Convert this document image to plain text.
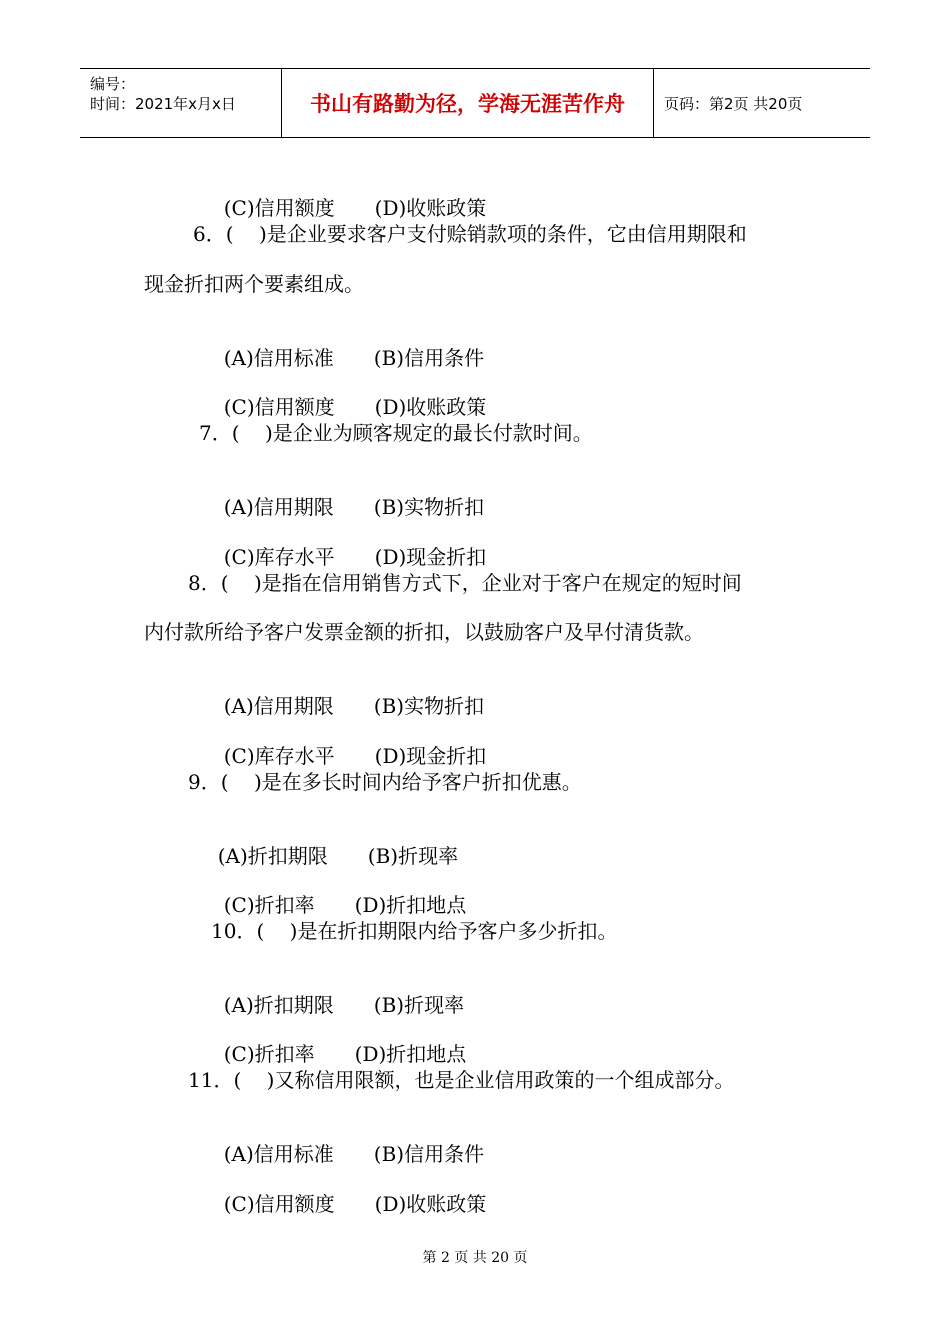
编号：
时间：2021年x月x日	书山有路勤为径，学海无涯苦作舟	页码：第2页 共20页

(C)信用额度 (D)收账政策

6．(    )是企业要求客户支付赊销款项的条件，它由信用期限和
现金折扣两个要素组成。

(A)信用标准 (B)信用条件

(C)信用额度 (D)收账政策

7．(    )是企业为顾客规定的最长付款时间。

(A)信用期限 (B)实物折扣

(C)库存水平 (D)现金折扣

8．(    )是指在信用销售方式下，企业对于客户在规定的短时间
内付款所给予客户发票金额的折扣，以鼓励客户及早付清货款。

(A)信用期限 (B)实物折扣

(C)库存水平 (D)现金折扣

9．(    )是在多长时间内给予客户折扣优惠。

(A)折扣期限 (B)折现率

(C)折扣率 (D)折扣地点

10．(    )是在折扣期限内给予客户多少折扣。

(A)折扣期限 (B)折现率

(C)折扣率 (D)折扣地点

11．(    )又称信用限额，也是企业信用政策的一个组成部分。

(A)信用标准 (B)信用条件

(C)信用额度 (D)收账政策

第 2 页 共 20 页
